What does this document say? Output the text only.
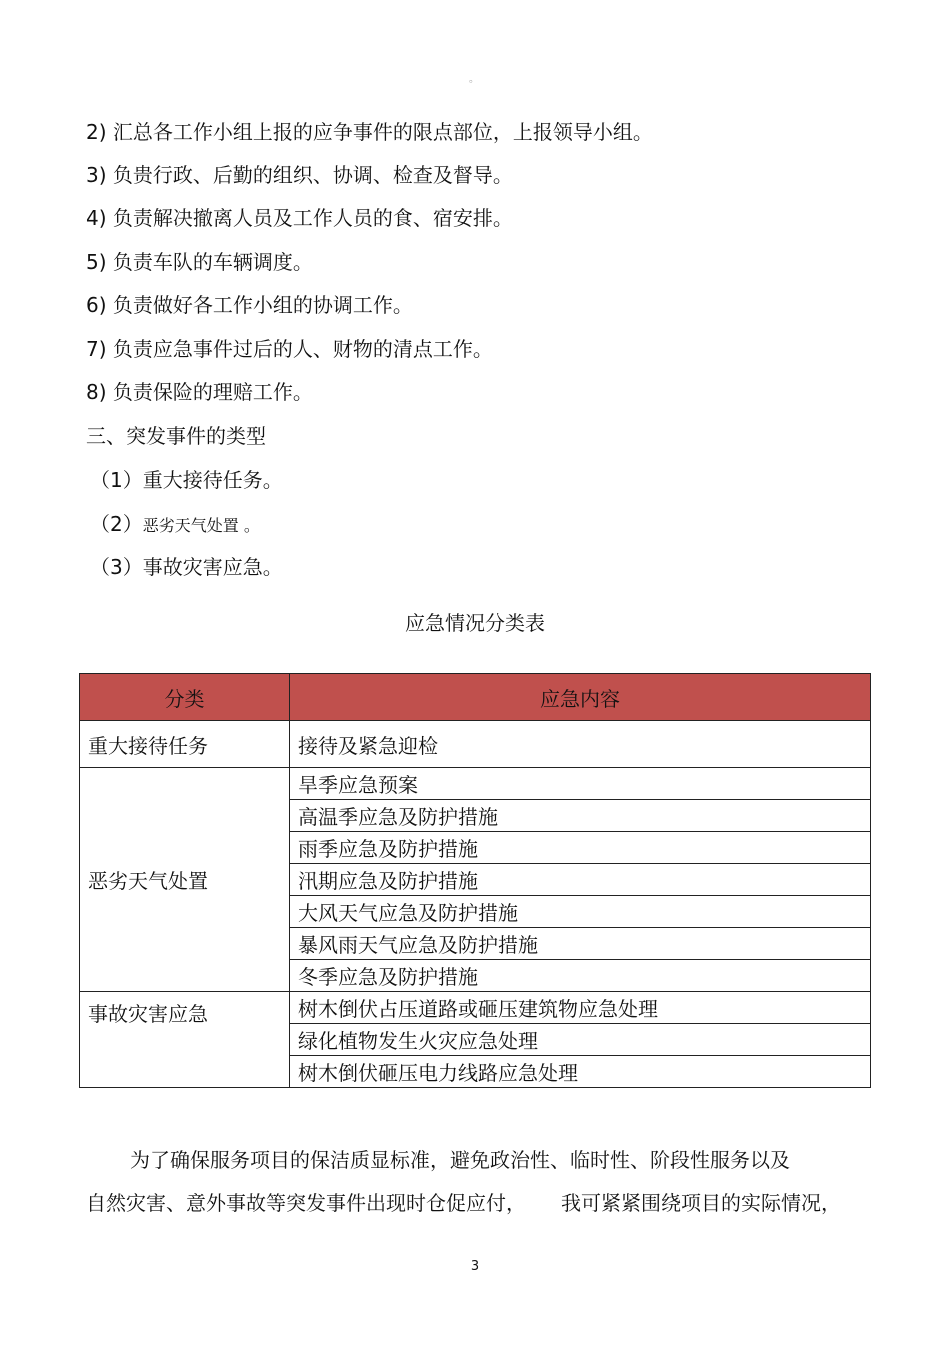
。
2) 汇总各工作小组上报的应争事件的限点部位，上报领导小组。
3) 负贵行政、后勤的组织、协调、检查及督导。
4) 负责解决撤离人员及工作人员的食、宿安排。
5) 负责车队的车辆调度。
6) 负责做好各工作小组的协调工作。
7) 负责应急事件过后的人、财物的清点工作。
8) 负责保险的理赔工作。
三、突发事件的类型
（1）重大接待任务。
（2）恶劣天气处置 。
（3）事故灾害应急。
应急情况分类表
分类	应急内容
重大接待任务	接待及紧急迎检
恶劣天气处置	旱季应急预案
	高温季应急及防护措施
	雨季应急及防护措施
	汛期应急及防护措施
	大风天气应急及防护措施
	暴风雨天气应急及防护措施
	冬季应急及防护措施
事故灾害应急	树木倒伏占压道路或砸压建筑物应急处理
	绿化植物发生火灾应急处理
	树木倒伏砸压电力线路应急处理
为了确保服务项目的保洁质显标准，避免政治性、临时性、阶段性服务以及
自然灾害、意外事故等突发事件出现时仓促应付， 我可紧紧围绕项目的实际情况，
3
